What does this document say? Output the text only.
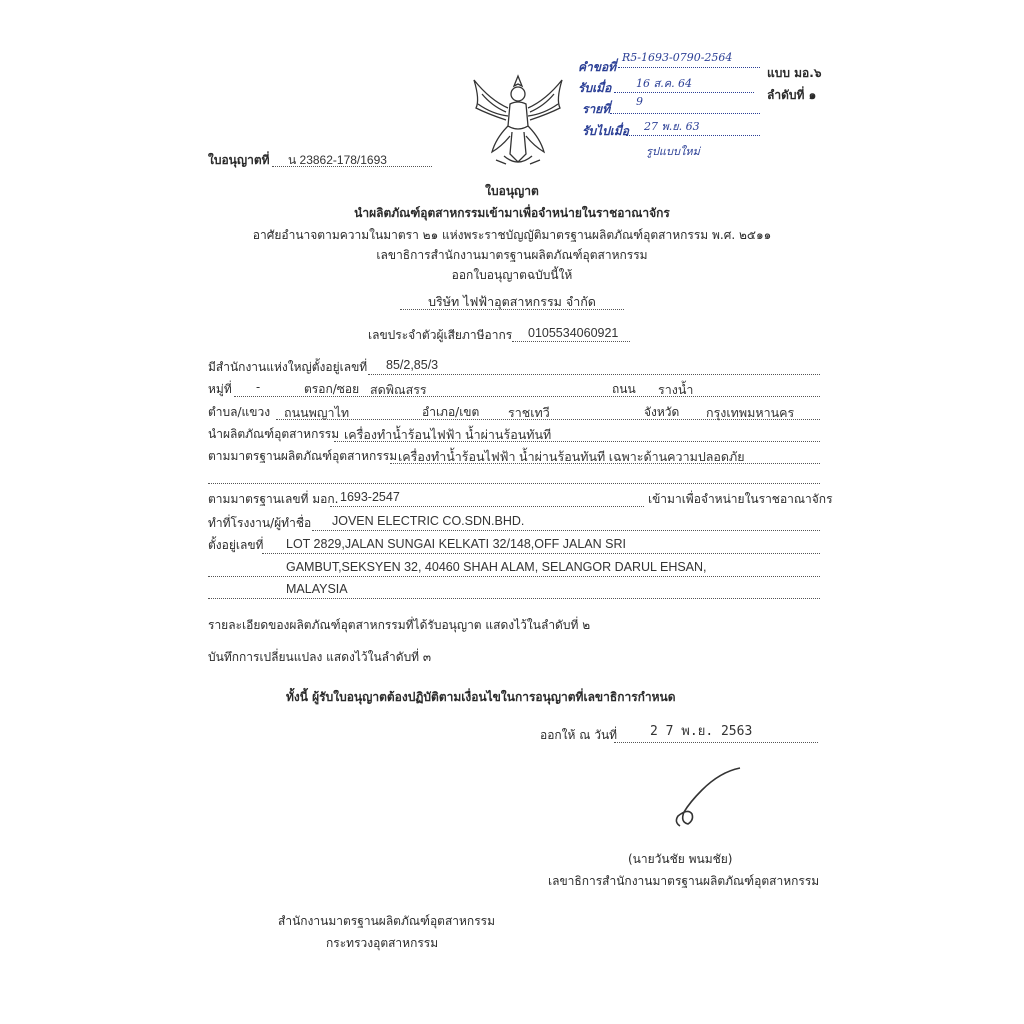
คำขอที่
R5-1693-0790-2564
รับเมื่อ 16 ส.ค. 64
รายที่
9
รับไปเมื่อ 27 พ.ย. 63
รูปแบบใหม่
แบบ มอ.๖
ลำดับที่ ๑
ใบอนุญาตที่ น 23862-178/1693
ใบอนุญาต
นำผลิตภัณฑ์อุตสาหกรรมเข้ามาเพื่อจำหน่ายในราชอาณาจักร
อาศัยอำนาจตามความในมาตรา ๒๑ แห่งพระราชบัญญัติมาตรฐานผลิตภัณฑ์อุตสาหกรรม พ.ศ. ๒๕๑๑
เลขาธิการสำนักงานมาตรฐานผลิตภัณฑ์อุตสาหกรรม
ออกใบอนุญาตฉบับนี้ให้
บริษัท ไฟฟ้าอุตสาหกรรม จำกัด
เลขประจำตัวผู้เสียภาษีอากร 0105534060921
มีสำนักงานแห่งใหญ่ตั้งอยู่เลขที่ 85/2,85/3
หมู่ที่ -	ตรอก/ซอย สดพิณสรร	ถนน รางน้ำ
ตำบล/แขวง ถนนพญาไท	อำเภอ/เขต ราชเทวี	จังหวัด กรุงเทพมหานคร
นำผลิตภัณฑ์อุตสาหกรรม เครื่องทำน้ำร้อนไฟฟ้า น้ำผ่านร้อนทันที
ตามมาตรฐานผลิตภัณฑ์อุตสาหกรรม เครื่องทำน้ำร้อนไฟฟ้า น้ำผ่านร้อนทันที เฉพาะด้านความปลอดภัย
ตามมาตรฐานเลขที่ มอก. 1693-2547	เข้ามาเพื่อจำหน่ายในราชอาณาจักร
ทำที่โรงงาน/ผู้ทำชื่อ JOVEN ELECTRIC CO.SDN.BHD.
ตั้งอยู่เลขที่ LOT 2829,JALAN SUNGAI KELKATI 32/148,OFF JALAN SRI
GAMBUT,SEKSYEN 32, 40460 SHAH ALAM, SELANGOR DARUL EHSAN,
MALAYSIA
รายละเอียดของผลิตภัณฑ์อุตสาหกรรมที่ได้รับอนุญาต แสดงไว้ในลำดับที่ ๒
บันทึกการเปลี่ยนแปลง แสดงไว้ในลำดับที่ ๓
ทั้งนี้ ผู้รับใบอนุญาตต้องปฏิบัติตามเงื่อนไขในการอนุญาตที่เลขาธิการกำหนด
ออกให้ ณ วันที่	2 7 พ.ย. 2563
(นายวันชัย พนมชัย)
เลขาธิการสำนักงานมาตรฐานผลิตภัณฑ์อุตสาหกรรม
สำนักงานมาตรฐานผลิตภัณฑ์อุตสาหกรรม
กระทรวงอุตสาหกรรม
